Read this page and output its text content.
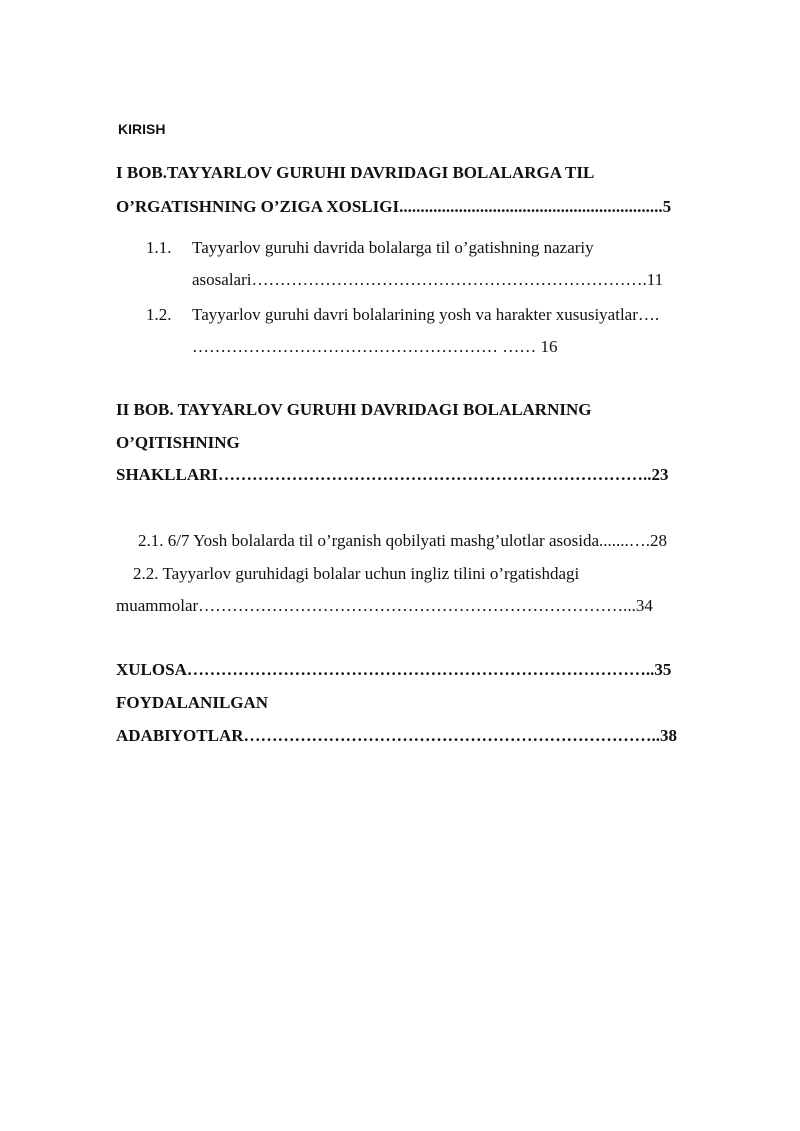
KIRISH
I BOB.TAYYARLOV GURUHI DAVRIDAGI BOLALARGA TIL
O’RGATISHNING O’ZIGA XOSLIGI..............................................................5
1.1. Tayyarlov guruhi davrida bolalarga til o’gatishning nazariy
asosalari…………………………………………………………….11
1.2. Tayyarlov guruhi davri bolalarining yosh va harakter xususiyatlar….
……………………………………………… …… 16
II BOB. TAYYARLOV GURUHI DAVRIDAGI BOLALARNING
O’QITISHNING
SHAKLLARI…………………………………………………………………..23
2.1. 6/7 Yosh bolalarda til o’rganish qobilyati mashg’ulotlar asosida.......….28
2.2. Tayyarlov guruhidagi bolalar uchun ingliz tilini o’rgatishdagi
muammolar…………………………………………………………………...34
XULOSA………………………………………………………………………..35
FOYDALANILGAN
ADABIYOTLAR………………………………………………………………..38
